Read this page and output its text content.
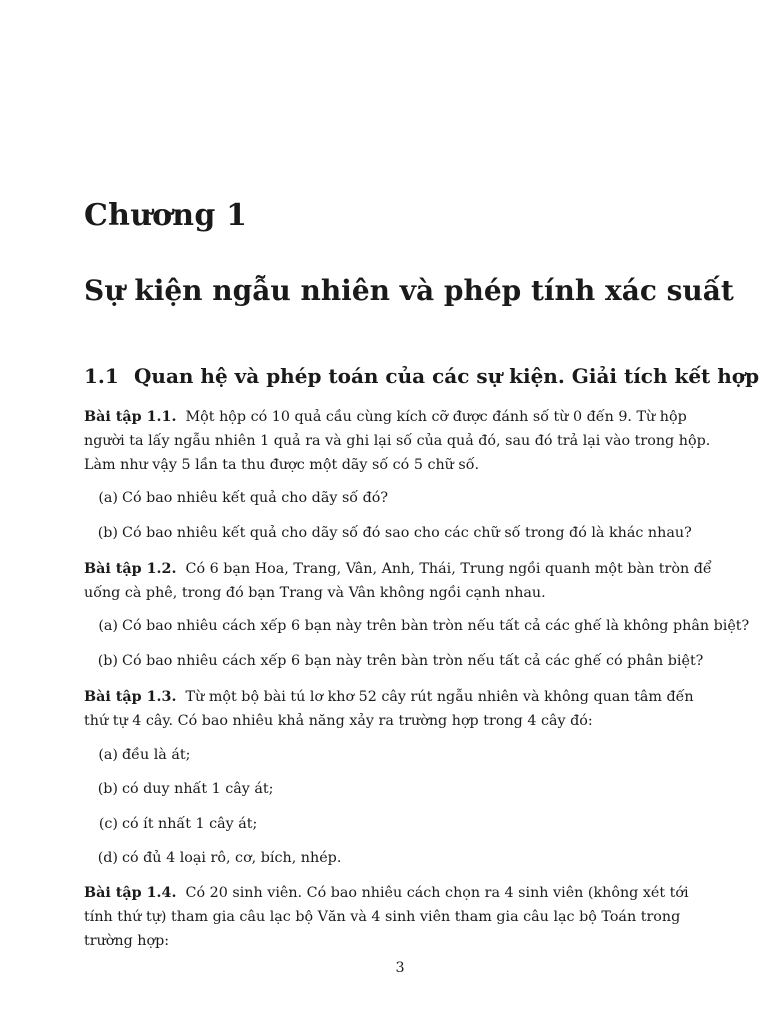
Chương 1
Sự kiện ngẫu nhiên và phép tính xác suất
1.1 Quan hệ và phép toán của các sự kiện. Giải tích kết hợp
Bài tập 1.1. Một hộp có 10 quả cầu cùng kích cỡ được đánh số từ 0 đến 9. Từ hộp người ta lấy ngẫu nhiên 1 quả ra và ghi lại số của quả đó, sau đó trả lại vào trong hộp. Làm như vậy 5 lần ta thu được một dãy số có 5 chữ số.
(a) Có bao nhiêu kết quả cho dãy số đó?
(b) Có bao nhiêu kết quả cho dãy số đó sao cho các chữ số trong đó là khác nhau?
Bài tập 1.2. Có 6 bạn Hoa, Trang, Vân, Anh, Thái, Trung ngồi quanh một bàn tròn để uống cà phê, trong đó bạn Trang và Vân không ngồi cạnh nhau.
(a) Có bao nhiêu cách xếp 6 bạn này trên bàn tròn nếu tất cả các ghế là không phân biệt?
(b) Có bao nhiêu cách xếp 6 bạn này trên bàn tròn nếu tất cả các ghế có phân biệt?
Bài tập 1.3. Từ một bộ bài tú lơ khơ 52 cây rút ngẫu nhiên và không quan tâm đến thứ tự 4 cây. Có bao nhiêu khả năng xảy ra trường hợp trong 4 cây đó:
(a) đều là át;
(b) có duy nhất 1 cây át;
(c) có ít nhất 1 cây át;
(d) có đủ 4 loại rô, cơ, bích, nhép.
Bài tập 1.4. Có 20 sinh viên. Có bao nhiêu cách chọn ra 4 sinh viên (không xét tới tính thứ tự) tham gia câu lạc bộ Văn và 4 sinh viên tham gia câu lạc bộ Toán trong trường hợp:
3
